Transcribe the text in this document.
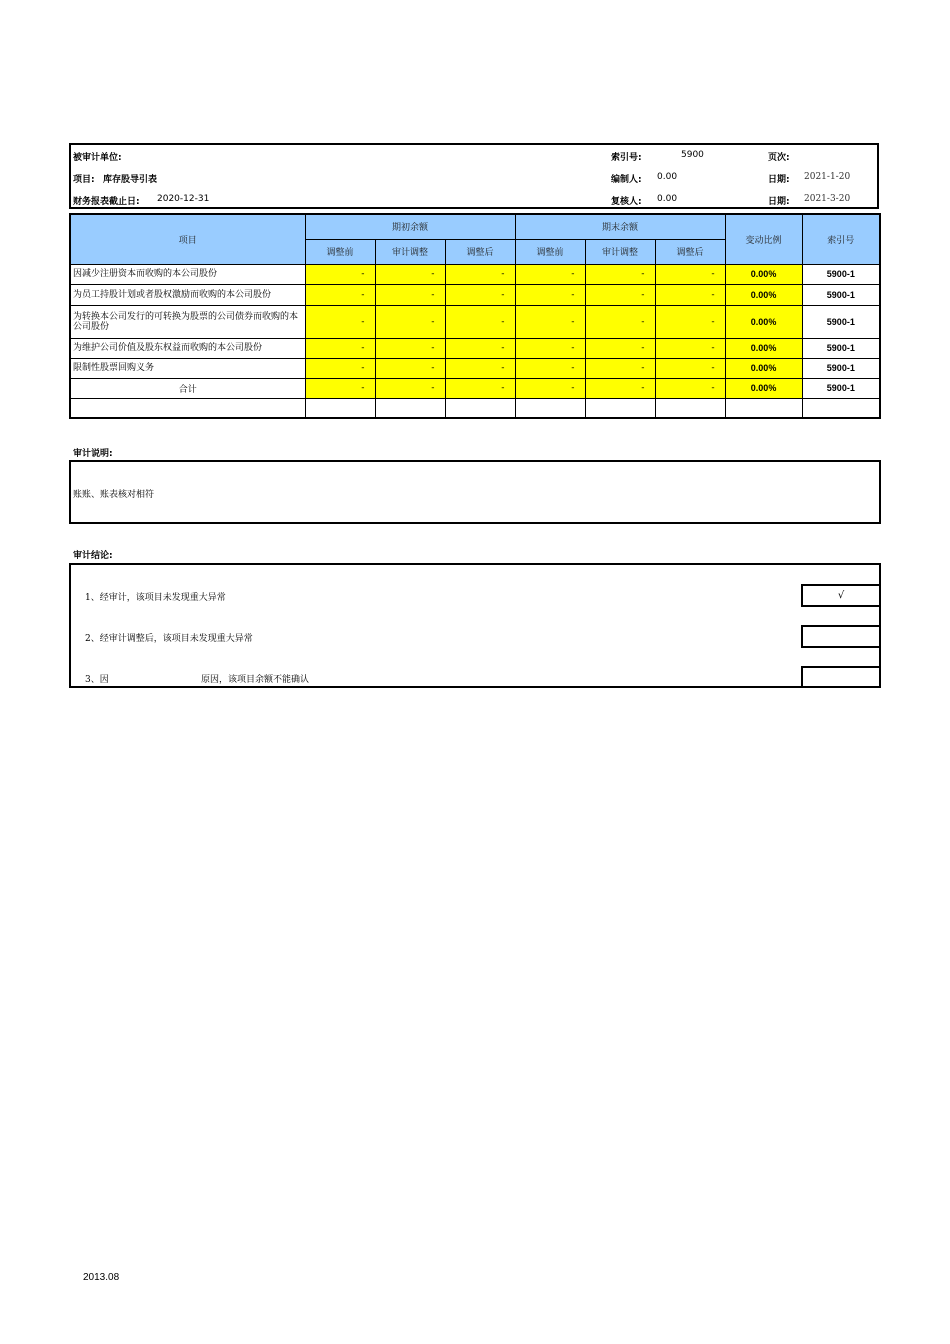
被审计单位:
项目: 库存股导引表
财务报表截止日: 2020-12-31
索引号:	5900
编制人: 0.00
复核人: 0.00
页次:
日期: 2021-1-20
日期: 2021-3-20
项目	期初余额			期末余额			变动比例	索引号
	调整前	审计调整	调整后	调整前	审计调整	调整后		
因减少注册资本而收购的本公司股份	-	-	-	-	-	-	0.00%	5900-1
为员工持股计划或者股权激励而收购的本公司股份	-	-	-	-	-	-	0.00%	5900-1
为转换本公司发行的可转换为股票的公司债券而收购的本公司股份	-	-	-	-	-	-	0.00%	5900-1
为维护公司价值及股东权益而收购的本公司股份	-	-	-	-	-	-	0.00%	5900-1
限制性股票回购义务	-	-	-	-	-	-	0.00%	5900-1
合计	-	-	-	-	-	-	0.00%	5900-1

审计说明:
账账、账表核对相符
审计结论:
1、经审计，该项目未发现重大异常
2、经审计调整后，该项目未发现重大异常
3、因	原因，该项目余额不能确认
√
2013.08
